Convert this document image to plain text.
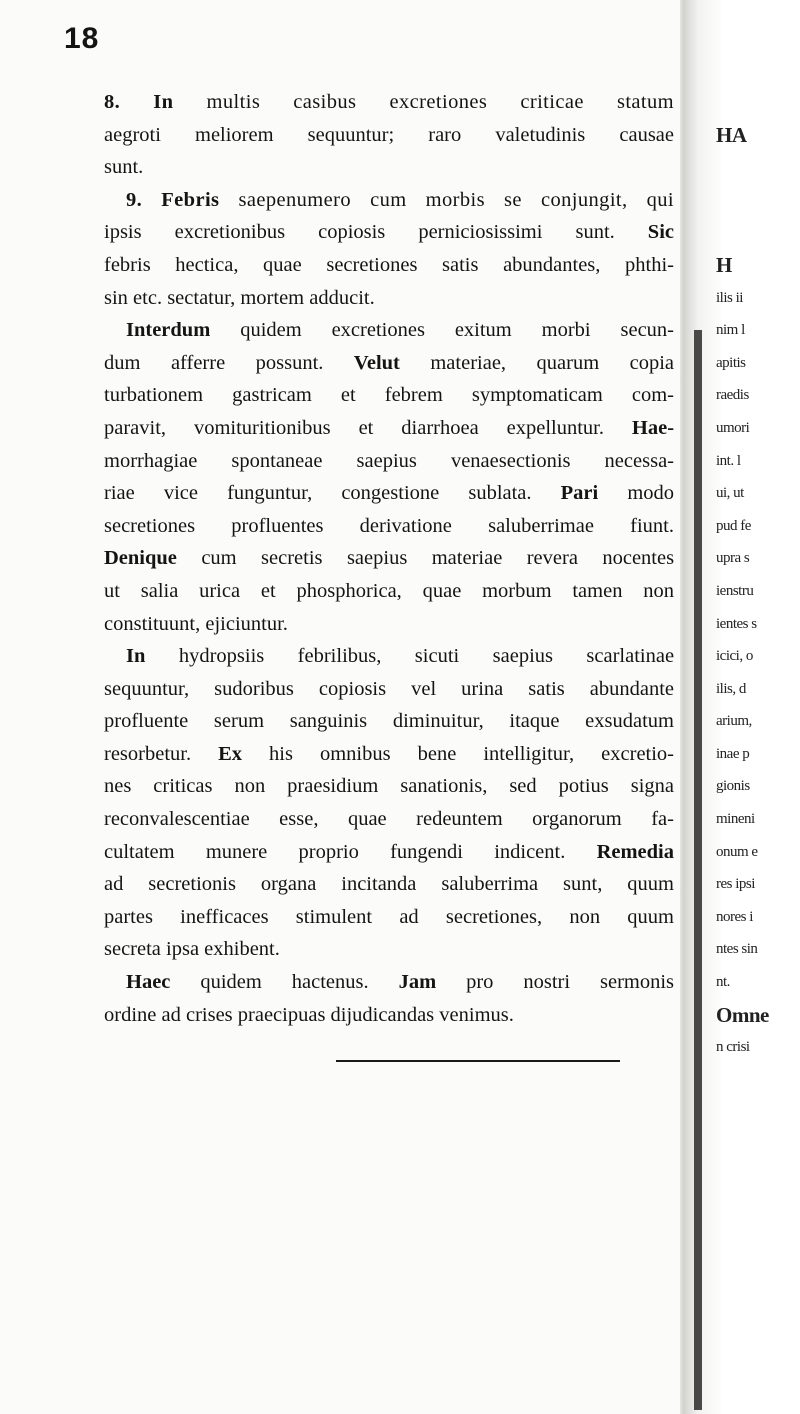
18
8. In multis casibus excretiones criticae statum
aegroti meliorem sequuntur; raro valetudinis causae
sunt.
9. Febris saepenumero cum morbis se conjungit, qui
ipsis excretionibus copiosis perniciosissimi sunt. Sic
febris hectica, quae secretiones satis abundantes, phthi-
sin etc. sectatur, mortem adducit.
Interdum quidem excretiones exitum morbi secun-
dum afferre possunt. Velut materiae, quarum copia
turbationem gastricam et febrem symptomaticam com-
paravit, vomituritionibus et diarrhoea expelluntur. Hae-
morrhagiae spontaneae saepius venaesectionis necessa-
riae vice funguntur, congestione sublata. Pari modo
secretiones profluentes derivatione saluberrimae fiunt.
Denique cum secretis saepius materiae revera nocentes
ut salia urica et phosphorica, quae morbum tamen non
constituunt, ejiciuntur.
In hydropsiis febrilibus, sicuti saepius scarlatinae
sequuntur, sudoribus copiosis vel urina satis abundante
profluente serum sanguinis diminuitur, itaque exsudatum
resorbetur. Ex his omnibus bene intelligitur, excretio-
nes criticas non praesidium sanationis, sed potius signa
reconvalescentiae esse, quae redeuntem organorum fa-
cultatem munere proprio fungendi indicent. Remedia
ad secretionis organa incitanda saluberrima sunt, quum
partes inefficaces stimulent ad secretiones, non quum
secreta ipsa exhibent.
Haec quidem hactenus. Jam pro nostri sermonis
ordine ad crises praecipuas dijudicandas venimus.
HA
H
ilis ii
nim l
apitis
raedis
umori
int. l
ui, ut
pud fe
upra s
ienstru
ientes s
icici, o
ilis, d
arium,
inae p
gionis
mineni
onum e
res ipsi
nores i
ntes sin
nt.
Omne
n crisi
